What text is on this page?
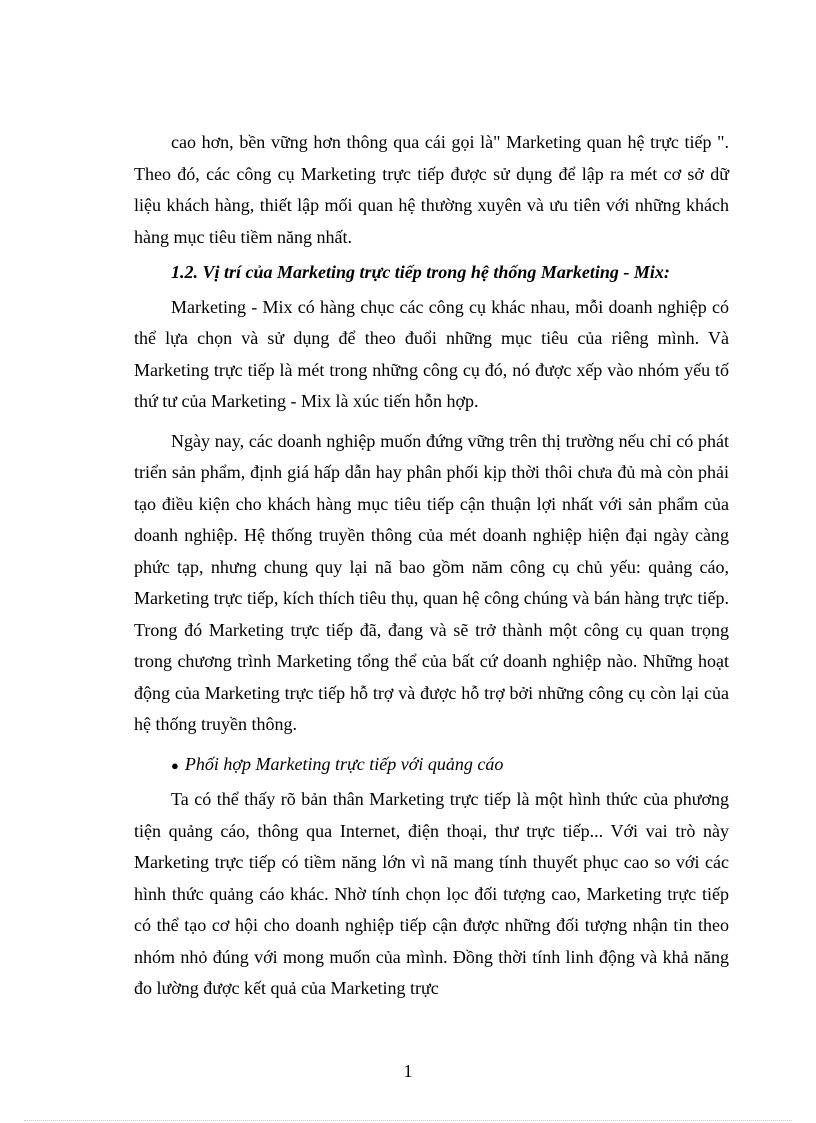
cao hơn, bền vững hơn thông qua cái gọi là" Marketing quan hệ trực tiếp ". Theo đó, các công cụ Marketing trực tiếp được sử dụng để lập ra mét cơ sở dữ liệu khách hàng, thiết lập mối quan hệ thường xuyên và ưu tiên với những khách hàng mục tiêu tiềm năng nhất.

1.2. Vị trí của Marketing trực tiếp trong hệ thống Marketing - Mix:

Marketing - Mix có hàng chục các công cụ khác nhau, mỗi doanh nghiệp có thể lựa chọn và sử dụng để theo đuổi những mục tiêu của riêng mình. Và Marketing trực tiếp là mét trong những công cụ đó, nó được xếp vào nhóm yếu tố thứ tư của Marketing - Mix là xúc tiến hỗn hợp.

Ngày nay, các doanh nghiệp muốn đứng vững trên thị trường nếu chỉ có phát triển sản phẩm, định giá hấp dẫn hay phân phối kịp thời thôi chưa đủ mà còn phải tạo điều kiện cho khách hàng mục tiêu tiếp cận thuận lợi nhất với sản phẩm của doanh nghiệp. Hệ thống truyền thông của mét doanh nghiệp hiện đại ngày càng phức tạp, nhưng chung quy lại nã bao gồm năm công cụ chủ yếu: quảng cáo, Marketing trực tiếp, kích thích tiêu thụ, quan hệ công chúng và bán hàng trực tiếp. Trong đó Marketing trực tiếp đã, đang và sẽ trở thành một công cụ quan trọng trong chương trình Marketing tổng thể của bất cứ doanh nghiệp nào. Những hoạt động của Marketing trực tiếp hỗ trợ và được hỗ trợ bởi những công cụ còn lại của hệ thống truyền thông.

● Phối hợp Marketing trực tiếp với quảng cáo

Ta có thể thấy rõ bản thân Marketing trực tiếp là một hình thức của phương tiện quảng cáo, thông qua Internet, điện thoại, thư trực tiếp... Với vai trò này Marketing trực tiếp có tiềm năng lớn vì nã mang tính thuyết phục cao so với các hình thức quảng cáo khác. Nhờ tính chọn lọc đối tượng cao, Marketing trực tiếp có thể tạo cơ hội cho doanh nghiệp tiếp cận được những đối tượng nhận tin theo nhóm nhỏ đúng với mong muốn của mình. Đồng thời tính linh động và khả năng đo lường được kết quả của Marketing trực

1
